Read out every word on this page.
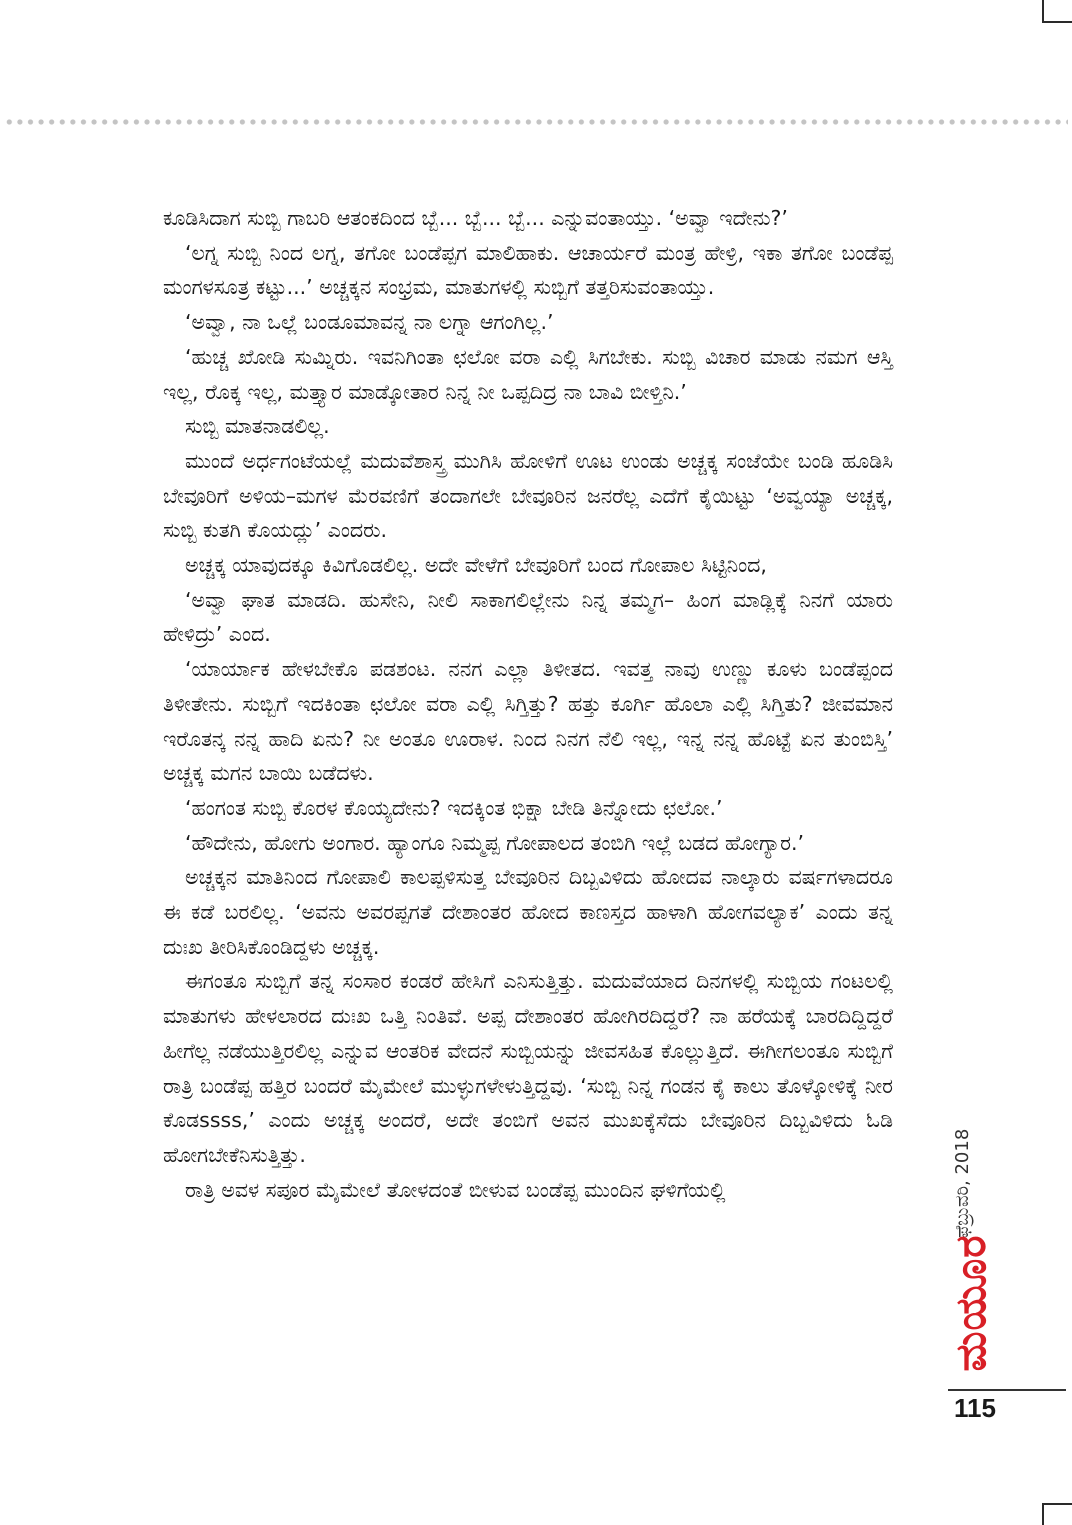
ಕೂಡಿಸಿದಾಗ ಸುಬ್ಬಿ ಗಾಬರಿ ಆತಂಕದಿಂದ ಬ್ಬೆ... ಬ್ಬೆ... ಬ್ಬೆ... ಎನ್ನುವಂತಾಯ್ತು. ‘ಅವ್ವಾ ಇದೇನು?’

‘ಲಗ್ನ ಸುಬ್ಬಿ ನಿಂದ ಲಗ್ನ, ತಗೋ ಬಂಡೆಪ್ಪಗ ಮಾಲಿಹಾಕು. ಆಚಾರ್ಯರೆ ಮಂತ್ರ ಹೇಳ್ರಿ, ಇಕಾ ತಗೋ ಬಂಡೆಪ್ಪ ಮಂಗಳಸೂತ್ರ ಕಟ್ಟು...’ ಅಚ್ಚಕ್ಕನ ಸಂಭ್ರಮ, ಮಾತುಗಳಲ್ಲಿ ಸುಬ್ಬಿಗೆ ತತ್ತರಿಸುವಂತಾಯ್ತು.

‘ಅವ್ವಾ, ನಾ ಒಲ್ಲೆ ಬಂಡೂಮಾವನ್ನ ನಾ ಲಗ್ನಾ ಆಗಂಗಿಲ್ಲ.’

‘ಹುಚ್ಚ ಖೋಡಿ ಸುಮ್ನಿರು. ಇವನಿಗಿಂತಾ ಛಲೋ ವರಾ ಎಲ್ಲಿ ಸಿಗಬೇಕು. ಸುಬ್ಬಿ ವಿಚಾರ ಮಾಡು ನಮಗ ಆಸ್ತಿ ಇಲ್ಲ, ರೊಕ್ಕ ಇಲ್ಲ, ಮತ್ತ್ಯಾರ ಮಾಡ್ಕೋತಾರ ನಿನ್ನ ನೀ ಒಪ್ಪದಿದ್ರ ನಾ ಬಾವಿ ಬೀಳ್ತಿನಿ.’

ಸುಬ್ಬಿ ಮಾತನಾಡಲಿಲ್ಲ.

ಮುಂದೆ ಅರ್ಧಗಂಟೆಯಲ್ಲೆ ಮದುವೆಶಾಸ್ತ್ರ ಮುಗಿಸಿ ಹೋಳಿಗೆ ಊಟ ಉಂಡು ಅಚ್ಚಕ್ಕ ಸಂಜೆಯೇ ಬಂಡಿ ಹೂಡಿಸಿ ಬೇವೂರಿಗೆ ಅಳಿಯ–ಮಗಳ ಮೆರವಣಿಗೆ ತಂದಾಗಲೇ ಬೇವೂರಿನ ಜನರೆಲ್ಲ ಎದೆಗೆ ಕೈಯಿಟ್ಟು ‘ಅವ್ವಯ್ಯಾ ಅಚ್ಚಕ್ಕ, ಸುಬ್ಬಿ ಕುತಗಿ ಕೊಯದ್ಲು’ ಎಂದರು.

ಅಚ್ಚಕ್ಕ ಯಾವುದಕ್ಕೂ ಕಿವಿಗೊಡಲಿಲ್ಲ. ಅದೇ ವೇಳೆಗೆ ಬೇವೂರಿಗೆ ಬಂದ ಗೋಪಾಲ ಸಿಟ್ಟಿನಿಂದ,

‘ಅವ್ವಾ ಘಾತ ಮಾಡದಿ. ಹುಸೇನಿ, ನೀಲಿ ಸಾಕಾಗಲಿಲ್ಲೇನು ನಿನ್ನ ತಮ್ಮಗ– ಹಿಂಗ ಮಾಡ್ಲಿಕ್ಕೆ ನಿನಗೆ ಯಾರು ಹೇಳಿದ್ರು’ ಎಂದ.

‘ಯಾರ್ಯಾಕ ಹೇಳಬೇಕೊ ಪಡಶಂಟ. ನನಗ ಎಲ್ಲಾ ತಿಳೀತದ. ಇವತ್ತ ನಾವು ಉಣ್ಣು ಕೂಳು ಬಂಡೆಪ್ಪಂದ ತಿಳೀತೇನು. ಸುಬ್ಬಿಗೆ ಇದಕಿಂತಾ ಛಲೋ ವರಾ ಎಲ್ಲಿ ಸಿಗ್ತಿತ್ತು? ಹತ್ತು ಕೂರ್ಗಿ ಹೊಲಾ ಎಲ್ಲಿ ಸಿಗ್ತಿತು? ಜೀವಮಾನ ಇರೊತನ್ಕ ನನ್ನ ಹಾದಿ ಏನು? ನೀ ಅಂತೂ ಊರಾಳ. ನಿಂದ ನಿನಗ ನೆಲಿ ಇಲ್ಲ, ಇನ್ನ ನನ್ನ ಹೊಟ್ಟೆ ಏನ ತುಂಬಿಸ್ತಿ’ ಅಚ್ಚಕ್ಕ ಮಗನ ಬಾಯಿ ಬಡೆದಳು.

‘ಹಂಗಂತ ಸುಬ್ಬಿ ಕೊರಳ ಕೊಯ್ಯದೇನು? ಇದಕ್ಕಿಂತ ಭಿಕ್ಷಾ ಬೇಡಿ ತಿನ್ನೋದು ಛಲೋ.’

‘ಹೌದೇನು, ಹೋಗು ಅಂಗಾರ. ಹ್ಯಾಂಗೂ ನಿಮ್ಮಪ್ಪ ಗೋಪಾಲದ ತಂಬಿಗಿ ಇಲ್ಲೆ ಬಡದ ಹೋಗ್ಯಾರ.’

ಅಚ್ಚಕ್ಕನ ಮಾತಿನಿಂದ ಗೋಪಾಲಿ ಕಾಲಪ್ಪಳಿಸುತ್ತ ಬೇವೂರಿನ ದಿಬ್ಬವಿಳಿದು ಹೋದವ ನಾಲ್ಕಾರು ವರ್ಷಗಳಾದರೂ ಈ ಕಡೆ ಬರಲಿಲ್ಲ. ‘ಅವನು ಅವರಪ್ಪಗತೆ ದೇಶಾಂತರ ಹೋದ ಕಾಣಸ್ತದ ಹಾಳಾಗಿ ಹೋಗವಲ್ಯಾಕ’ ಎಂದು ತನ್ನ ದುಃಖ ತೀರಿಸಿಕೊಂಡಿದ್ದಳು ಅಚ್ಚಕ್ಕ.

ಈಗಂತೂ ಸುಬ್ಬಿಗೆ ತನ್ನ ಸಂಸಾರ ಕಂಡರೆ ಹೇಸಿಗೆ ಎನಿಸುತ್ತಿತ್ತು. ಮದುವೆಯಾದ ದಿನಗಳಲ್ಲಿ ಸುಬ್ಬಿಯ ಗಂಟಲಲ್ಲಿ ಮಾತುಗಳು ಹೇಳಲಾರದ ದುಃಖ ಒತ್ತಿ ನಿಂತಿವೆ. ಅಪ್ಪ ದೇಶಾಂತರ ಹೋಗಿರದಿದ್ದರೆ? ನಾ ಹರೆಯಕ್ಕೆ ಬಾರದಿದ್ದಿದ್ದರೆ ಹೀಗೆಲ್ಲ ನಡೆಯುತ್ತಿರಲಿಲ್ಲ ಎನ್ನುವ ಆಂತರಿಕ ವೇದನೆ ಸುಬ್ಬಿಯನ್ನು ಜೀವಸಹಿತ ಕೊಲ್ಲುತ್ತಿದೆ. ಈಗೀಗಲಂತೂ ಸುಬ್ಬಿಗೆ ರಾತ್ರಿ ಬಂಡೆಪ್ಪ ಹತ್ತಿರ ಬಂದರೆ ಮೈಮೇಲೆ ಮುಳ್ಳುಗಳೇಳುತ್ತಿದ್ದವು. ‘ಸುಬ್ಬಿ ನಿನ್ನ ಗಂಡನ ಕೈ ಕಾಲು ತೊಳ್ಕೋಳಿಕ್ಕೆ ನೀರ ಕೊಡssss,’ ಎಂದು ಅಚ್ಚಕ್ಕ ಅಂದರೆ, ಅದೇ ತಂಬಿಗೆ ಅವನ ಮುಖಕ್ಕೆಸೆದು ಬೇವೂರಿನ ದಿಬ್ಬವಿಳಿದು ಓಡಿ ಹೋಗಬೇಕೆನಿಸುತ್ತಿತ್ತು.

ರಾತ್ರಿ ಅವಳ ಸಪೂರ ಮೈಮೇಲೆ ತೋಳದಂತೆ ಬೀಳುವ ಬಂಡೆಪ್ಪ ಮುಂದಿನ ಘಳಿಗೆಯಲ್ಲಿ	ಫೆಬ್ರುವರಿ, 2018
ಮಯೂರ
115
